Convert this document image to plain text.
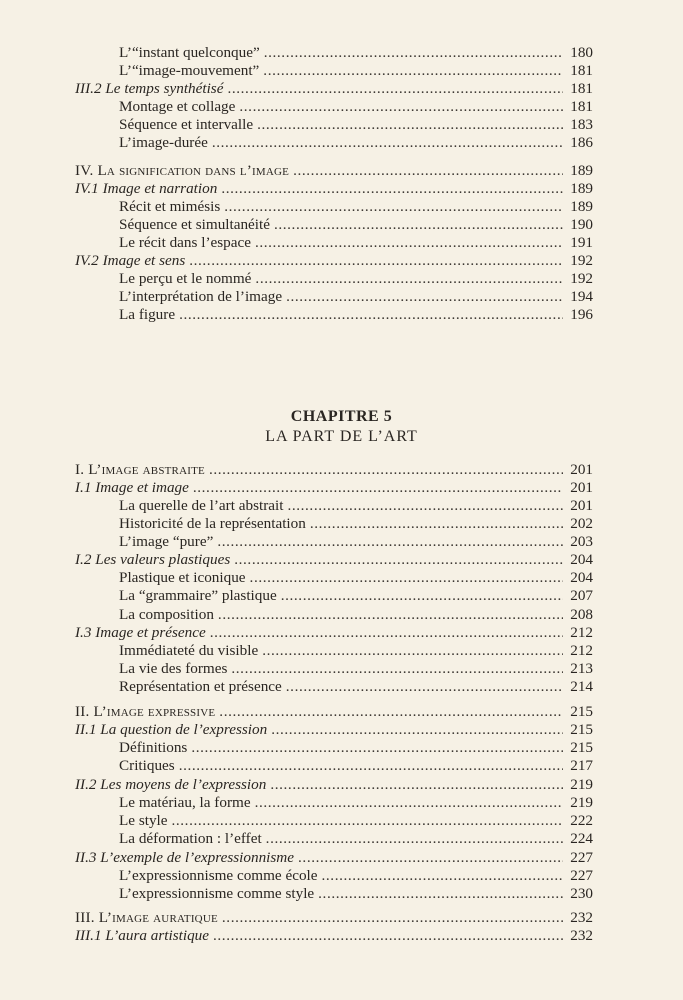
L’“instant quelconque” . . .	180
L’“image-mouvement” . . .	181
III.2 Le temps synthétisé . . .	181
Montage et collage . . .	181
Séquence et intervalle . . .	183
L’image-durée . . .	186
IV. La signification dans l’image . . .	189
IV.1 Image et narration . . .	189
Récit et mimésis . . .	189
Séquence et simultanéité . . .	190
Le récit dans l’espace . . .	191
IV.2 Image et sens . . .	192
Le perçu et le nommé . . .	192
L’interprétation de l’image . . .	194
La figure . . .	196
CHAPITRE 5
LA PART DE L’ART
I. L’image abstraite . . .	201
I.1 Image et image . . .	201
La querelle de l’art abstrait . . .	201
Historicité de la représentation . . .	202
L’image “pure” . . .	203
I.2 Les valeurs plastiques . . .	204
Plastique et iconique . . .	204
La “grammaire” plastique . . .	207
La composition . . .	208
I.3 Image et présence . . .	212
Immédiateté du visible . . .	212
La vie des formes . . .	213
Représentation et présence . . .	214
II. L’image expressive . . .	215
II.1 La question de l’expression . . .	215
Définitions . . .	215
Critiques . . .	217
II.2 Les moyens de l’expression . . .	219
Le matériau, la forme . . .	219
Le style . . .	222
La déformation : l’effet . . .	224
II.3 L’exemple de l’expressionnisme . . .	227
L’expressionnisme comme école . . .	227
L’expressionnisme comme style . . .	230
III. L’image auratique . . .	232
III.1 L’aura artistique . . .	232
